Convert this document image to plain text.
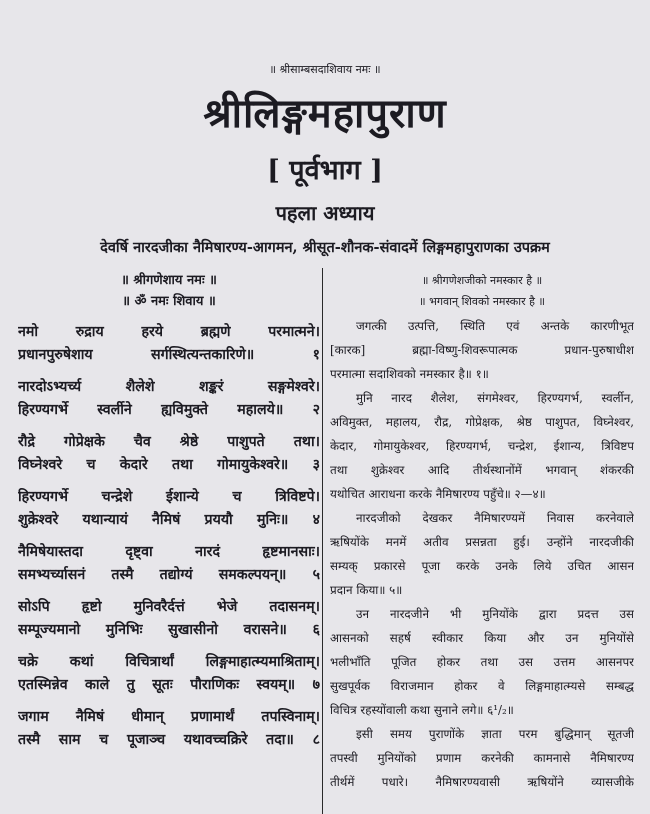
॥ श्रीसाम्बसदाशिवाय नमः ॥
श्रीलिङ्गमहापुराण
[ पूर्वभाग ]
पहला अध्याय
देवर्षि नारदजीका नैमिषारण्य-आगमन, श्रीसूत-शौनक-संवादमें लिङ्गमहापुराणका उपक्रम
॥ श्रीगणेशाय नमः ॥
॥ ॐ नमः शिवाय ॥
नमो रुद्राय हरये ब्रह्मणे परमात्मने।
प्रधानपुरुषेशाय सर्गस्थित्यन्तकारिणे॥ १
नारदोऽभ्यर्च्य शैलेशे शङ्करं सङ्गमेश्वरे।
हिरण्यगर्भे स्वर्लीने ह्यविमुक्ते महालये॥ २
रौद्रे गोप्रेक्षके चैव श्रेष्ठे पाशुपते तथा।
विघ्नेश्वरे च केदारे तथा गोमायुकेश्वरे॥ ३
हिरण्यगर्भे चन्द्रेशे ईशान्ये च त्रिविष्टपे।
शुक्रेश्वरे यथान्यायं नैमिषं प्रययौ मुनिः॥ ४
नैमिषेयास्तदा दृष्ट्वा नारदं हृष्टमानसाः।
समभ्यर्च्यासनं तस्मै तद्योग्यं समकल्पयन्॥ ५
सोऽपि हृष्टो मुनिवरैर्दत्तं भेजे तदासनम्।
सम्पूज्यमानो मुनिभिः सुखासीनो वरासने॥ ६
चक्रे कथां विचित्रार्थां लिङ्गमाहात्म्यमाश्रिताम्।
एतस्मिन्नेव काले तु सूतः पौराणिकः स्वयम्॥ ७
जगाम नैमिषं धीमान् प्रणामार्थं तपस्विनाम्।
तस्मै साम च पूजाञ्च यथावच्चक्रिरे तदा॥ ८
॥ श्रीगणेशजीको नमस्कार है ॥
॥ भगवान् शिवको नमस्कार है ॥
जगत्की उत्पत्ति, स्थिति एवं अन्तके कारणीभूत
[कारक] ब्रह्मा-विष्णु-शिवरूपात्मक प्रधान-पुरुषाधीश
परमात्मा सदाशिवको नमस्कार है॥ १॥
मुनि नारद शैलेश, संगमेश्वर, हिरण्यगर्भ, स्वर्लीन,
अविमुक्त, महालय, रौद्र, गोप्रेक्षक, श्रेष्ठ पाशुपत, विघ्नेश्वर,
केदार, गोमायुकेश्वर, हिरण्यगर्भ, चन्द्रेश, ईशान्य, त्रिविष्टप
तथा शुक्रेश्वर आदि तीर्थस्थानोंमें भगवान् शंकरकी
यथोचित आराधना करके नैमिषारण्य पहुँचे॥ २—४॥
नारदजीको देखकर नैमिषारण्यमें निवास करनेवाले
ऋषियोंके मनमें अतीव प्रसन्नता हुई। उन्होंने नारदजीकी
सम्यक् प्रकारसे पूजा करके उनके लिये उचित आसन
प्रदान किया॥ ५॥
उन नारदजीने भी मुनियोंके द्वारा प्रदत्त उस
आसनको सहर्ष स्वीकार किया और उन मुनियोंसे
भलीभाँति पूजित होकर तथा उस उत्तम आसनपर
सुखपूर्वक विराजमान होकर वे लिङ्गमाहात्म्यसे सम्बद्ध
विचित्र रहस्योंवाली कथा सुनाने लगे॥ ६¹/₂॥
इसी समय पुराणोंके ज्ञाता परम बुद्धिमान् सूतजी
तपस्वी मुनियोंको प्रणाम करनेकी कामनासे नैमिषारण्य
तीर्थमें पधारे। नैमिषारण्यवासी ऋषियोंने व्यासजीके
